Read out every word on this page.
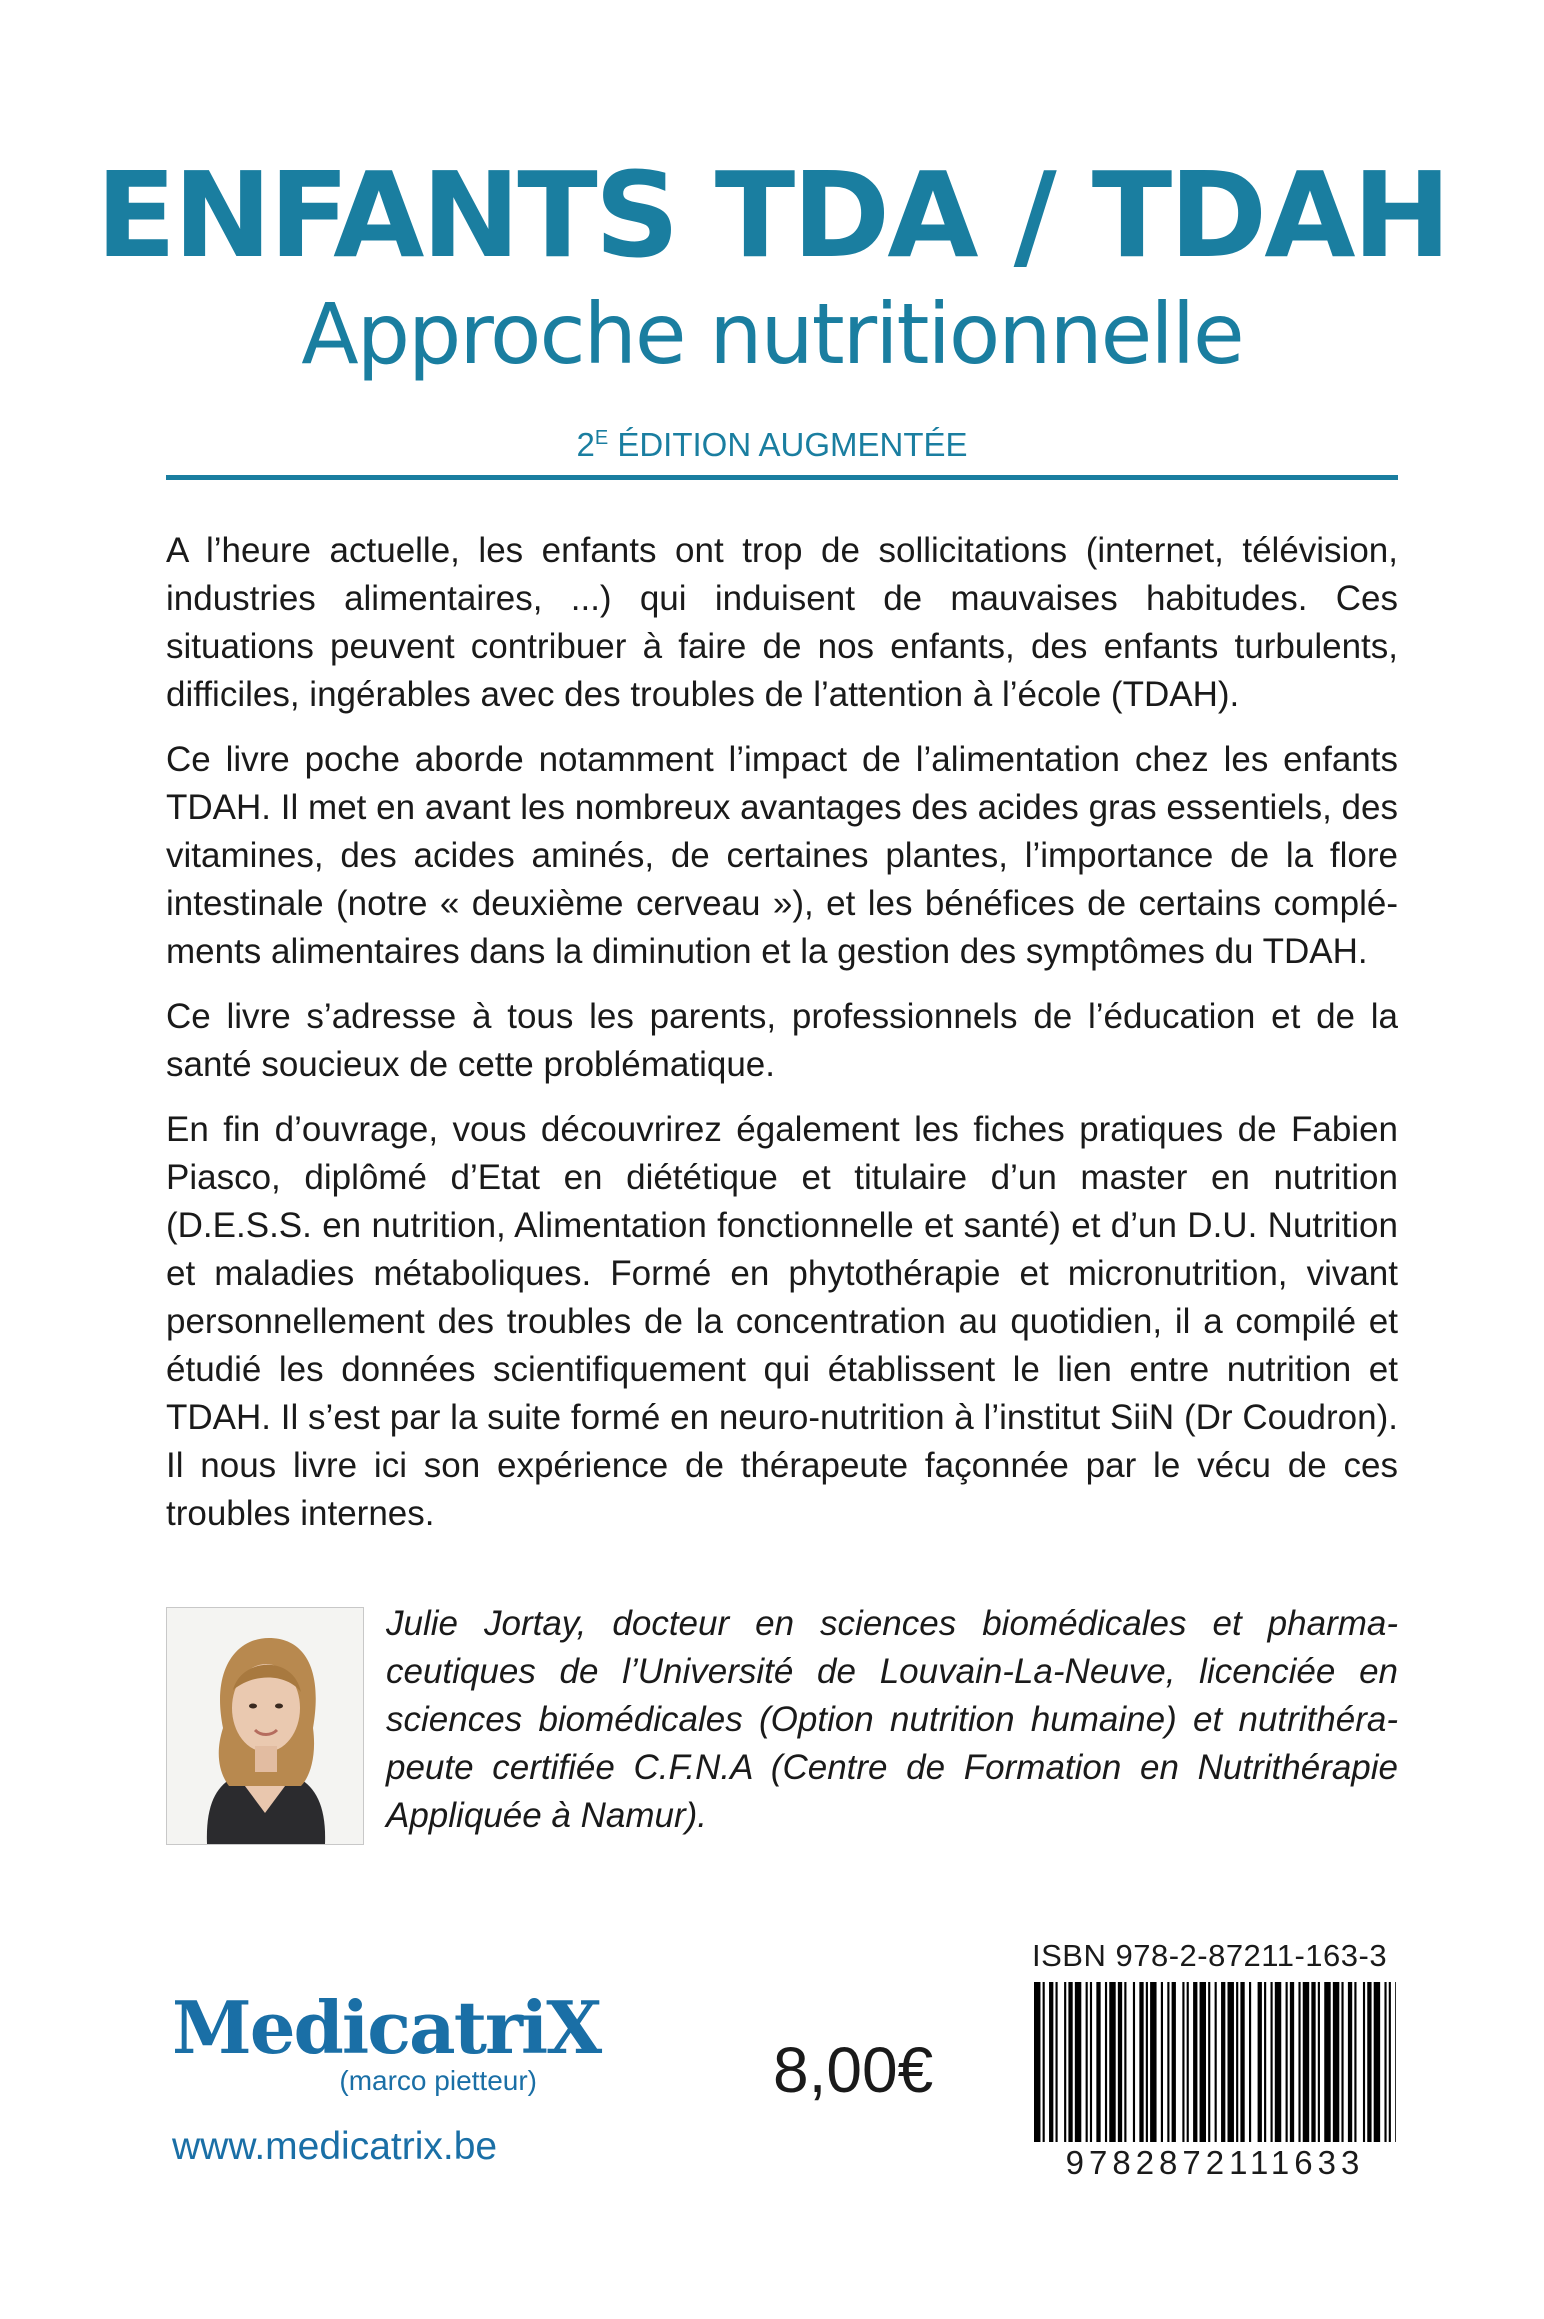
ENFANTS TDA / TDAH
Approche nutritionnelle
$2^E$ ÉDITION AUGMENTÉE

A l’heure actuelle, les enfants ont trop de sollicitations (internet, télévision, industries alimentaires, ...) qui induisent de mauvaises habitudes. Ces situations peuvent contribuer à faire de nos enfants, des enfants turbulents, difficiles, ingérables avec des troubles de l’attention à l’école (TDAH).

Ce livre poche aborde notamment l’impact de l’alimentation chez les enfants TDAH. Il met en avant les nombreux avantages des acides gras essentiels, des vitamines, des acides aminés, de certaines plantes, l’importance de la flore intestinale (notre « deuxième cerveau »), et les bénéfices de certains complé-ments alimentaires dans la diminution et la gestion des symptômes du TDAH.

Ce livre s’adresse à tous les parents, professionnels de l’éducation et de la santé soucieux de cette problématique.

En fin d’ouvrage, vous découvrirez également les fiches pratiques de Fabien Piasco, diplômé d’Etat en diététique et titulaire d’un master en nutrition (D.E.S.S. en nutrition, Alimentation fonctionnelle et santé) et d’un D.U. Nutrition et maladies métaboliques. Formé en phytothérapie et micronutrition, vivant personnellement des troubles de la concentration au quotidien, il a compilé et étudié les données scientifiquement qui établissent le lien entre nutrition et TDAH. Il s’est par la suite formé en neuro-nutrition à l’institut SiiN (Dr Coudron). Il nous livre ici son expérience de thérapeute façonnée par le vécu de ces troubles internes.

Julie Jortay, docteur en sciences biomédicales et pharma-ceutiques de l’Université de Louvain-La-Neuve, licenciée en sciences biomédicales (Option nutrition humaine) et nutrithéra-peute certifiée C.F.N.A (Centre de Formation en Nutrithérapie Appliquée à Namur).
MedicatriX
(marco pietteur)
www.medicatrix.be
8,00€
ISBN 978-2-87211-163-3
9782872111633
